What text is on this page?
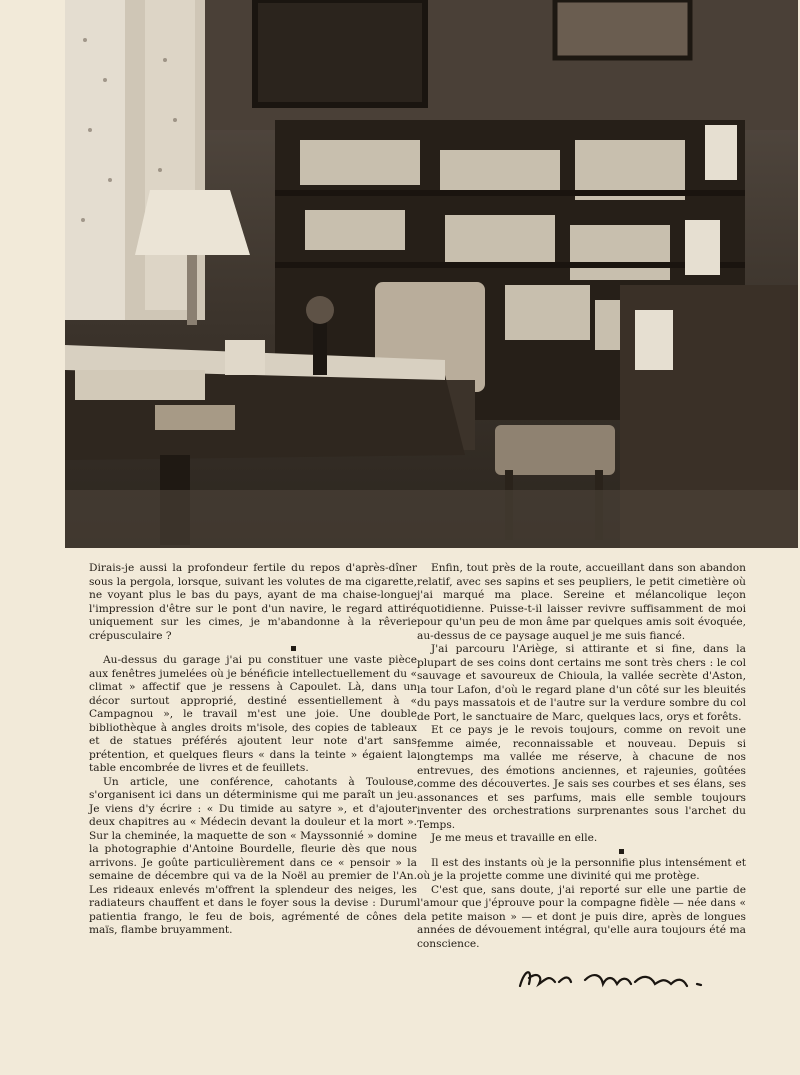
Dirais-je aussi la profondeur fertile du repos d'après-dîner sous la pergola, lorsque, suivant les volutes de ma cigarette, ne voyant plus le bas du pays, ayant de ma chaise-longue l'impression d'être sur le pont d'un navire, le regard attiré uniquement sur les cimes, je m'abandonne à la rêverie crépusculaire ?

Au-dessus du garage j'ai pu constituer une vaste pièce aux fenêtres jumelées où je bénéficie intellectuellement du « climat » affectif que je ressens à Capoulet. Là, dans un décor surtout approprié, destiné essentiellement à « Campagnou », le travail m'est une joie. Une double bibliothèque à angles droits m'isole, des copies de tableaux et de statues préférés ajoutent leur note d'art sans prétention, et quelques fleurs « dans la teinte » égaient la table encombrée de livres et de feuillets.

Un article, une conférence, cahotants à Toulouse, s'organisent ici dans un déterminisme qui me paraît un jeu. Je viens d'y écrire : « Du timide au satyre », et d'ajouter deux chapitres au « Médecin devant la douleur et la mort ». Sur la cheminée, la maquette de son « Mayssonnié » domine la photographie d'Antoine Bourdelle, fleurie dès que nous arrivons. Je goûte particulièrement dans ce « pensoir » la semaine de décembre qui va de la Noël au premier de l'An. Les rideaux enlevés m'offrent la splendeur des neiges, les radiateurs chauffent et dans le foyer sous la devise : Durum patientia frango, le feu de bois, agrémenté de cônes de maïs, flambe bruyamment.

Enfin, tout près de la route, accueillant dans son abandon relatif, avec ses sapins et ses peupliers, le petit cimetière où j'ai marqué ma place. Sereine et mélancolique leçon quotidienne. Puisse-t-il laisser revivre suffisamment de moi pour qu'un peu de mon âme par quelques amis soit évoquée, au-dessus de ce paysage auquel je me suis fiancé.

J'ai parcouru l'Ariège, si attirante et si fine, dans la plupart de ses coins dont certains me sont très chers : le col sauvage et savoureux de Chioula, la vallée secrète d'Aston, la tour Lafon, d'où le regard plane d'un côté sur les bleuités du pays massatois et de l'autre sur la verdure sombre du col de Port, le sanctuaire de Marc, quelques lacs, orys et forêts.

Et ce pays je le revois toujours, comme on revoit une femme aimée, reconnaissable et nouveau. Depuis si longtemps ma vallée me réserve, à chacune de nos entrevues, des émotions anciennes, et rajeunies, goûtées comme des découvertes. Je sais ses courbes et ses élans, ses assonances et ses parfums, mais elle semble toujours inventer des orchestrations surprenantes sous l'archet du Temps.

Je me meus et travaille en elle.

Il est des instants où je la personnifie plus intensément et où je la projette comme une divinité qui me protège.

C'est que, sans doute, j'ai reporté sur elle une partie de l'amour que j'éprouve pour la compagne fidèle — née dans « la petite maison » — et dont je puis dire, après de longues années de dévouement intégral, qu'elle aura toujours été ma conscience.
